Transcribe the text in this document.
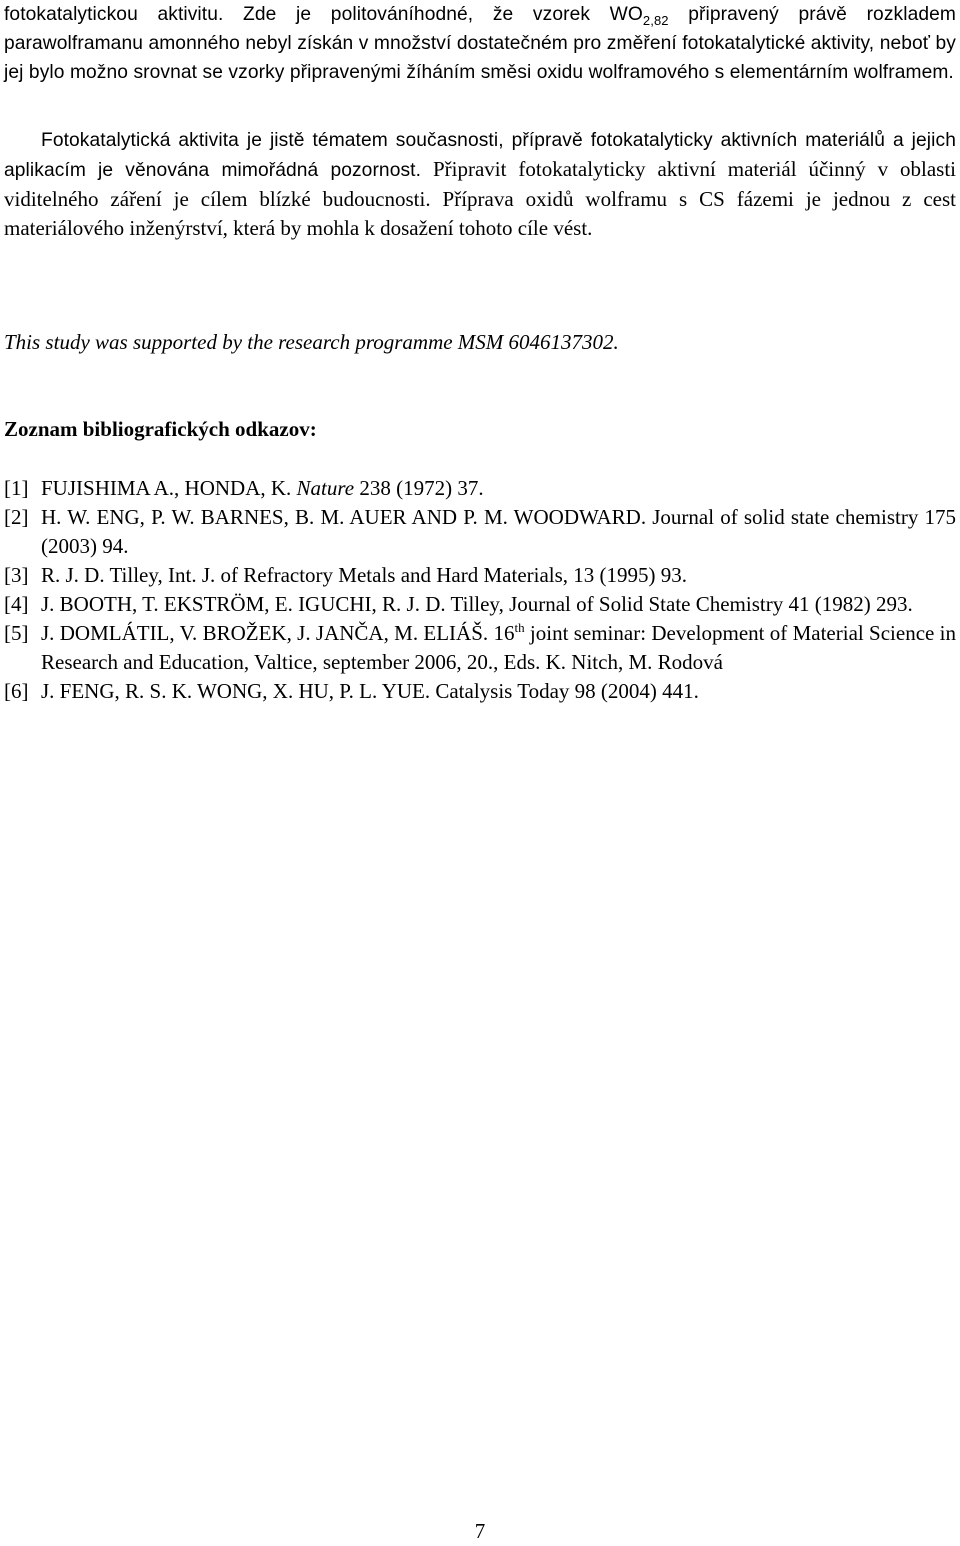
fotokatalytickou aktivitu. Zde je politováníhodné, že vzorek $WO_{2,82}$ připravený právě rozkladem parawolframanu amonného nebyl získán v množství dostatečném pro změření fotokatalytické aktivity, neboť by jej bylo možno srovnat se vzorky připravenými žíháním směsi oxidu wolframového s elementárním wolframem.

Fotokatalytická aktivita je jistě tématem současnosti, přípravě fotokatalyticky aktivních materiálů a jejich aplikacím je věnována mimořádná pozornost. Připravit fotokatalyticky aktivní materiál účinný v oblasti viditelného záření je cílem blízké budoucnosti. Příprava oxidů wolframu s CS fázemi je jednou z cest materiálového inženýrství, která by mohla k dosažení tohoto cíle vést.

This study was supported by the research programme MSM 6046137302.

Zoznam bibliografických odkazov:

[1] FUJISHIMA A., HONDA, K. Nature 238 (1972) 37.
[2] H. W. ENG, P. W. BARNES, B. M. AUER AND P. M. WOODWARD. Journal of solid state chemistry 175 (2003) 94.
[3] R. J. D. Tilley, Int. J. of Refractory Metals and Hard Materials, 13 (1995) 93.
[4] J. BOOTH, T. EKSTRÖM, E. IGUCHI, R. J. D. Tilley, Journal of Solid State Chemistry 41 (1982) 293.
[5] J. DOMLÁTIL, V. BROŽEK, J. JANČA, M. ELIÁŠ. 16th joint seminar: Development of Material Science in Research and Education, Valtice, september 2006, 20., Eds. K. Nitch, M. Rodová
[6] J. FENG, R. S. K. WONG, X. HU, P. L. YUE. Catalysis Today 98 (2004) 441.
7
